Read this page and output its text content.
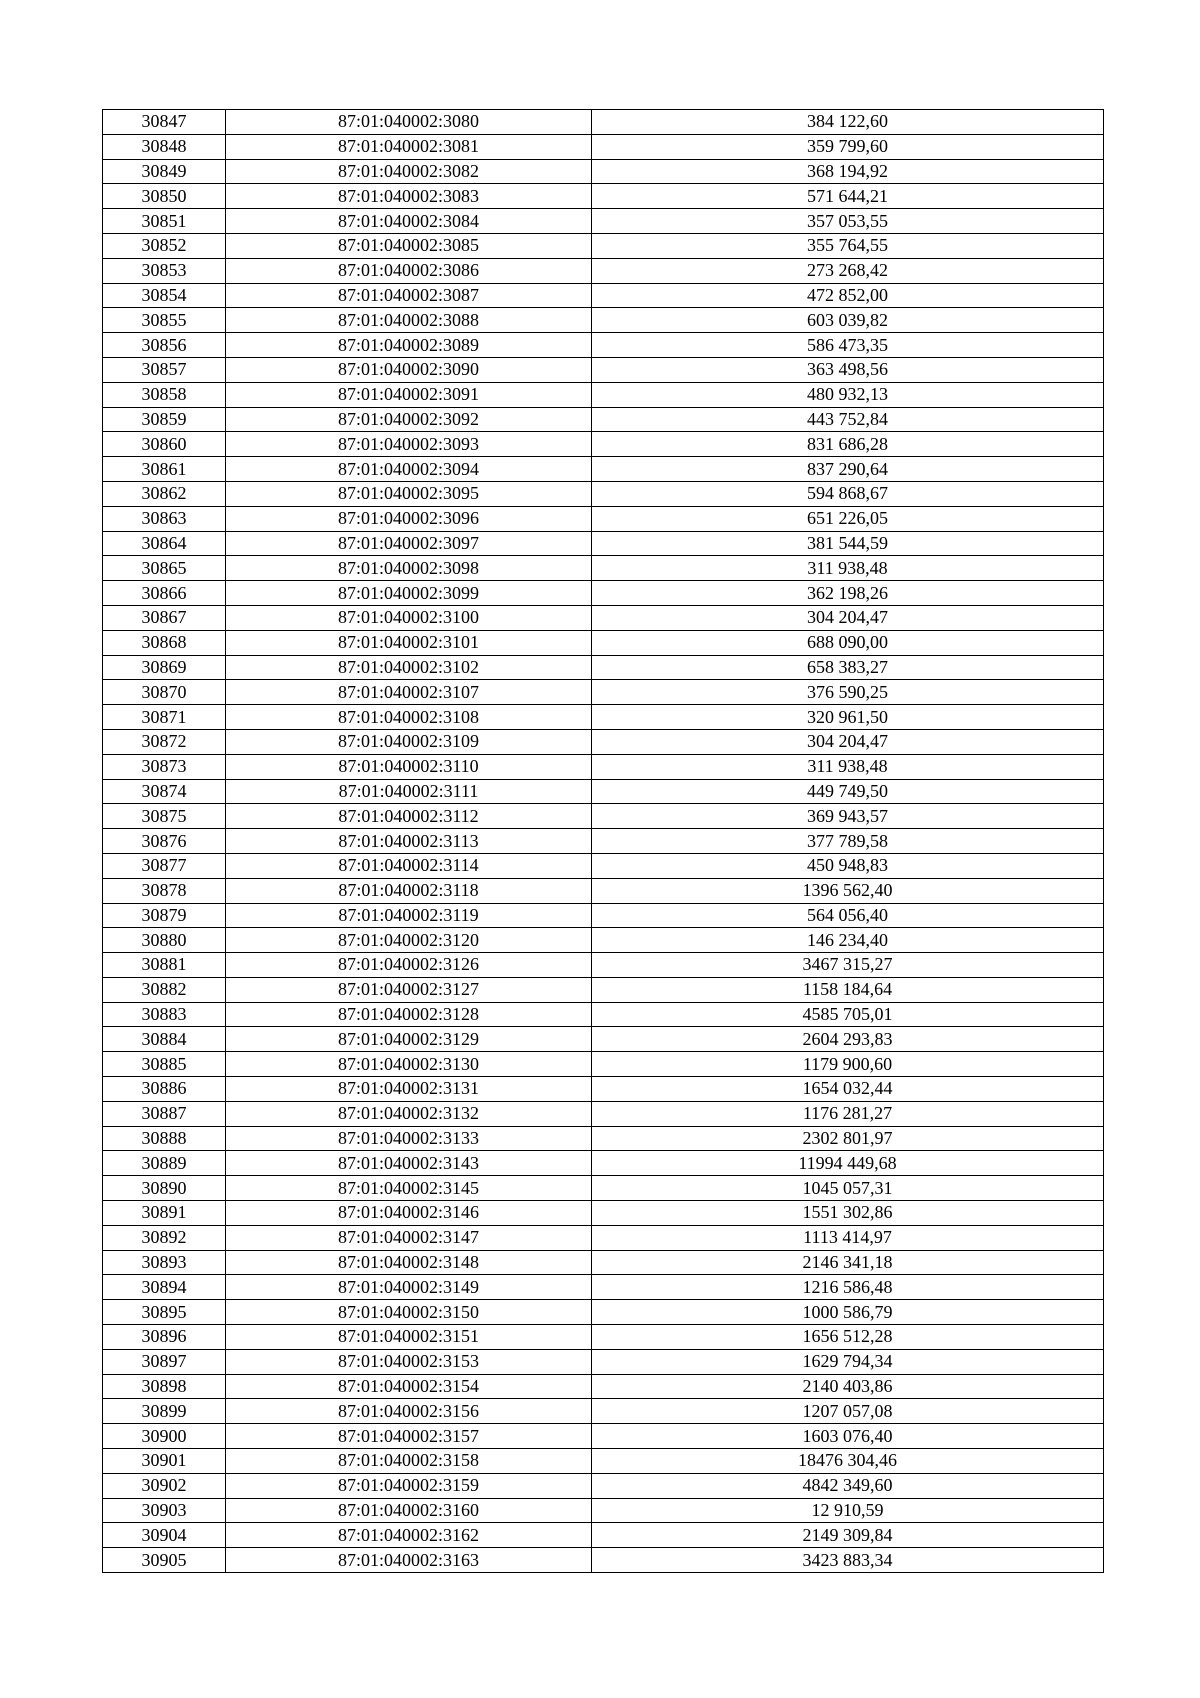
30847	87:01:040002:3080	384 122,60
30848	87:01:040002:3081	359 799,60
30849	87:01:040002:3082	368 194,92
30850	87:01:040002:3083	571 644,21
30851	87:01:040002:3084	357 053,55
30852	87:01:040002:3085	355 764,55
30853	87:01:040002:3086	273 268,42
30854	87:01:040002:3087	472 852,00
30855	87:01:040002:3088	603 039,82
30856	87:01:040002:3089	586 473,35
30857	87:01:040002:3090	363 498,56
30858	87:01:040002:3091	480 932,13
30859	87:01:040002:3092	443 752,84
30860	87:01:040002:3093	831 686,28
30861	87:01:040002:3094	837 290,64
30862	87:01:040002:3095	594 868,67
30863	87:01:040002:3096	651 226,05
30864	87:01:040002:3097	381 544,59
30865	87:01:040002:3098	311 938,48
30866	87:01:040002:3099	362 198,26
30867	87:01:040002:3100	304 204,47
30868	87:01:040002:3101	688 090,00
30869	87:01:040002:3102	658 383,27
30870	87:01:040002:3107	376 590,25
30871	87:01:040002:3108	320 961,50
30872	87:01:040002:3109	304 204,47
30873	87:01:040002:3110	311 938,48
30874	87:01:040002:3111	449 749,50
30875	87:01:040002:3112	369 943,57
30876	87:01:040002:3113	377 789,58
30877	87:01:040002:3114	450 948,83
30878	87:01:040002:3118	1396 562,40
30879	87:01:040002:3119	564 056,40
30880	87:01:040002:3120	146 234,40
30881	87:01:040002:3126	3467 315,27
30882	87:01:040002:3127	1158 184,64
30883	87:01:040002:3128	4585 705,01
30884	87:01:040002:3129	2604 293,83
30885	87:01:040002:3130	1179 900,60
30886	87:01:040002:3131	1654 032,44
30887	87:01:040002:3132	1176 281,27
30888	87:01:040002:3133	2302 801,97
30889	87:01:040002:3143	11994 449,68
30890	87:01:040002:3145	1045 057,31
30891	87:01:040002:3146	1551 302,86
30892	87:01:040002:3147	1113 414,97
30893	87:01:040002:3148	2146 341,18
30894	87:01:040002:3149	1216 586,48
30895	87:01:040002:3150	1000 586,79
30896	87:01:040002:3151	1656 512,28
30897	87:01:040002:3153	1629 794,34
30898	87:01:040002:3154	2140 403,86
30899	87:01:040002:3156	1207 057,08
30900	87:01:040002:3157	1603 076,40
30901	87:01:040002:3158	18476 304,46
30902	87:01:040002:3159	4842 349,60
30903	87:01:040002:3160	12 910,59
30904	87:01:040002:3162	2149 309,84
30905	87:01:040002:3163	3423 883,34
